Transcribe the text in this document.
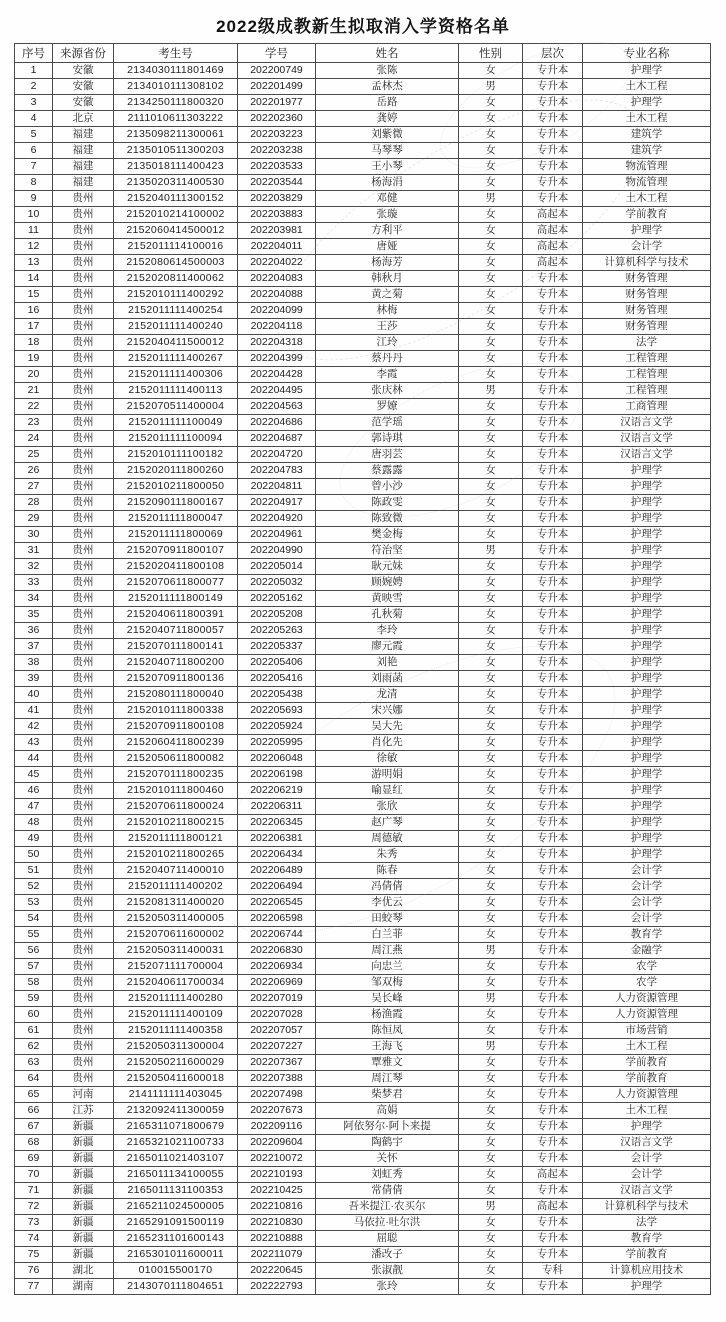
2022级成教新生拟取消入学资格名单
序号	来源省份	考生号	学号	姓名	性别	层次	专业名称
1	安徽	2134030111801469	202200749	张陈	女	专升本	护理学
2	安徽	2134010111308102	202201499	孟林杰	男	专升本	土木工程
3	安徽	2134250111800320	202201977	岳路	女	专升本	护理学
4	北京	2111010611303222	202202360	龚婷	女	专升本	土木工程
5	福建	2135098211300061	202203223	刘紫微	女	专升本	建筑学
6	福建	2135010511300203	202203238	马琴琴	女	专升本	建筑学
7	福建	2135018111400423	202203533	王小琴	女	专升本	物流管理
8	福建	2135020311400530	202203544	杨海涓	女	专升本	物流管理
9	贵州	2152040111300152	202203829	邓健	男	专升本	土木工程
10	贵州	2152010214100002	202203883	张璇	女	高起本	学前教育
11	贵州	2152060414500012	202203981	方利平	女	高起本	护理学
12	贵州	2152011114100016	202204011	唐娅	女	高起本	会计学
13	贵州	2152080614500003	202204022	杨海芳	女	高起本	计算机科学与技术
14	贵州	2152020811400062	202204083	韩秋月	女	专升本	财务管理
15	贵州	2152010111400292	202204088	黄之菊	女	专升本	财务管理
16	贵州	2152011111400254	202204099	林梅	女	专升本	财务管理
17	贵州	2152011111400240	202204118	王莎	女	专升本	财务管理
18	贵州	2152040411500012	202204318	江玲	女	专升本	法学
19	贵州	2152011111400267	202204399	蔡丹丹	女	专升本	工程管理
20	贵州	2152011111400306	202204428	李霞	女	专升本	工程管理
21	贵州	2152011111400113	202204495	张庆林	男	专升本	工程管理
22	贵州	2152070511400004	202204563	罗嫽	女	专升本	工商管理
23	贵州	2152011111100049	202204686	范学瑶	女	专升本	汉语言文学
24	贵州	2152011111100094	202204687	郭诗琪	女	专升本	汉语言文学
25	贵州	2152010111100182	202204720	唐羽芸	女	专升本	汉语言文学
26	贵州	2152020111800260	202204783	蔡露露	女	专升本	护理学
27	贵州	2152010211800050	202204811	曾小沙	女	专升本	护理学
28	贵州	2152090111800167	202204917	陈政雯	女	专升本	护理学
29	贵州	2152011111800047	202204920	陈致微	女	专升本	护理学
30	贵州	2152011111800069	202204961	樊金梅	女	专升本	护理学
31	贵州	2152070911800107	202204990	符治坚	男	专升本	护理学
32	贵州	2152020411800108	202205014	耿元妹	女	专升本	护理学
33	贵州	2152070611800077	202205032	顾婉娉	女	专升本	护理学
34	贵州	2152011111800149	202205162	黄映雪	女	专升本	护理学
35	贵州	2152040611800391	202205208	孔秋菊	女	专升本	护理学
36	贵州	2152040711800057	202205263	李玲	女	专升本	护理学
37	贵州	2152070111800141	202205337	廖元霞	女	专升本	护理学
38	贵州	2152040711800200	202205406	刘艳	女	专升本	护理学
39	贵州	2152070911800136	202205416	刘雨菡	女	专升本	护理学
40	贵州	2152080111800040	202205438	龙清	女	专升本	护理学
41	贵州	2152010111800338	202205693	宋兴娜	女	专升本	护理学
42	贵州	2152070911800108	202205924	吴大先	女	专升本	护理学
43	贵州	2152060411800239	202205995	肖化先	女	专升本	护理学
44	贵州	2152050611800082	202206048	徐敏	女	专升本	护理学
45	贵州	2152070111800235	202206198	游明娟	女	专升本	护理学
46	贵州	2152010111800460	202206219	喻显红	女	专升本	护理学
47	贵州	2152070611800024	202206311	张欣	女	专升本	护理学
48	贵州	2152010211800215	202206345	赵广琴	女	专升本	护理学
49	贵州	2152011111800121	202206381	周德敏	女	专升本	护理学
50	贵州	2152010211800265	202206434	朱秀	女	专升本	护理学
51	贵州	2152040711400010	202206489	陈春	女	专升本	会计学
52	贵州	2152011111400202	202206494	冯倩倩	女	专升本	会计学
53	贵州	2152081311400020	202206545	李优云	女	专升本	会计学
54	贵州	2152050311400005	202206598	田蛟琴	女	专升本	会计学
55	贵州	2152070611600002	202206744	白兰菲	女	专升本	教育学
56	贵州	2152050311400031	202206830	周江燕	男	专升本	金融学
57	贵州	2152071111700004	202206934	向忠兰	女	专升本	农学
58	贵州	2152040611700034	202206969	邹双梅	女	专升本	农学
59	贵州	2152011111400280	202207019	吴长峰	男	专升本	人力资源管理
60	贵州	2152011111400109	202207028	杨渔霞	女	专升本	人力资源管理
61	贵州	2152011111400358	202207057	陈恒凤	女	专升本	市场营销
62	贵州	2152050311300004	202207227	王海飞	男	专升本	土木工程
63	贵州	2152050211600029	202207367	覃雅文	女	专升本	学前教育
64	贵州	2152050411600018	202207388	周江琴	女	专升本	学前教育
65	河南	2141111111403045	202207498	柴梦君	女	专升本	人力资源管理
66	江苏	2132092411300059	202207673	高娟	女	专升本	土木工程
67	新疆	2165311071800679	202209116	阿依努尔·阿卜来提	女	专升本	护理学
68	新疆	2165321021100733	202209604	陶鹤宇	女	专升本	汉语言文学
69	新疆	2165011021403107	202210072	关怀	女	专升本	会计学
70	新疆	2165011134100055	202210193	刘虹秀	女	高起本	会计学
71	新疆	2165011131100353	202210425	常倩倩	女	专升本	汉语言文学
72	新疆	2165211024500005	202210816	吾米提江·农买尔	男	高起本	计算机科学与技术
73	新疆	2165291091500119	202210830	马依拉·吐尔洪	女	专升本	法学
74	新疆	2165231101600143	202210888	屈聪	女	专升本	教育学
75	新疆	2165301011600011	202211079	潘改子	女	专升本	学前教育
76	湖北	010015500170	202220645	张淑靓	女	专科	计算机应用技术
77	湖南	2143070111804651	202222793	张玲	女	专升本	护理学
